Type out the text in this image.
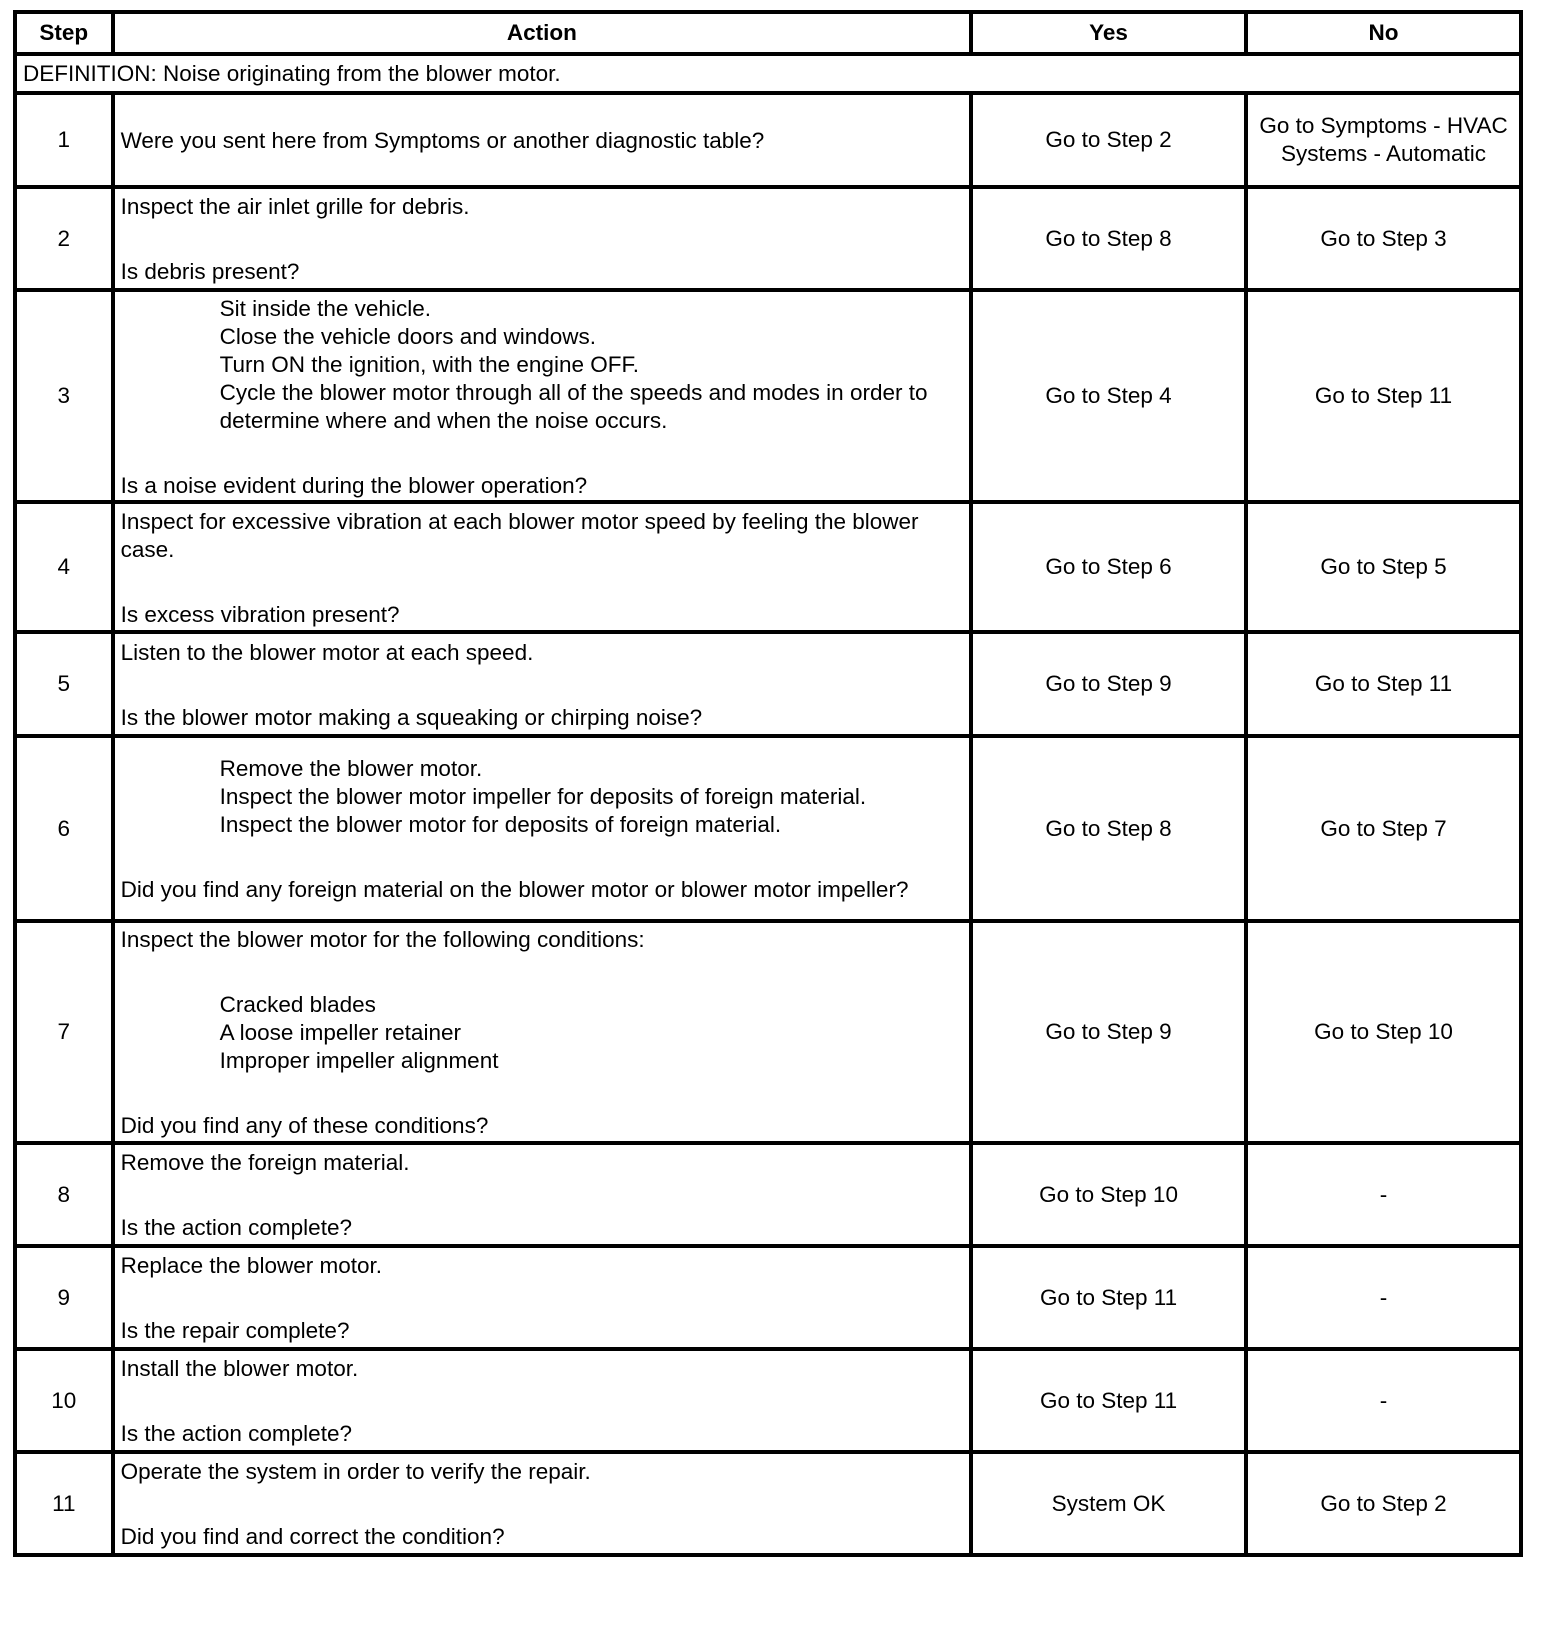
Step	Action	Yes	No
DEFINITION: Noise originating from the blower motor.			
1	Were you sent here from Symptoms or another diagnostic table?	Go to Step 2	Go to Symptoms - HVAC Systems - Automatic
2	Inspect the air inlet grille for debris.
Is debris present?	Go to Step 8	Go to Step 3
3	Sit inside the vehicle.
Close the vehicle doors and windows.
Turn ON the ignition, with the engine OFF.
Cycle the blower motor through all of the speeds and modes in order to determine where and when the noise occurs.
Is a noise evident during the blower operation?	Go to Step 4	Go to Step 11
4	Inspect for excessive vibration at each blower motor speed by feeling the blower case.
Is excess vibration present?	Go to Step 6	Go to Step 5
5	Listen to the blower motor at each speed.
Is the blower motor making a squeaking or chirping noise?	Go to Step 9	Go to Step 11
6	Remove the blower motor.
Inspect the blower motor impeller for deposits of foreign material.
Inspect the blower motor for deposits of foreign material.
Did you find any foreign material on the blower motor or blower motor impeller?	Go to Step 8	Go to Step 7
7	Inspect the blower motor for the following conditions:
Cracked blades
A loose impeller retainer
Improper impeller alignment
Did you find any of these conditions?	Go to Step 9	Go to Step 10
8	Remove the foreign material.
Is the action complete?	Go to Step 10	-
9	Replace the blower motor.
Is the repair complete?	Go to Step 11	-
10	Install the blower motor.
Is the action complete?	Go to Step 11	-
11	Operate the system in order to verify the repair.
Did you find and correct the condition?	System OK	Go to Step 2
